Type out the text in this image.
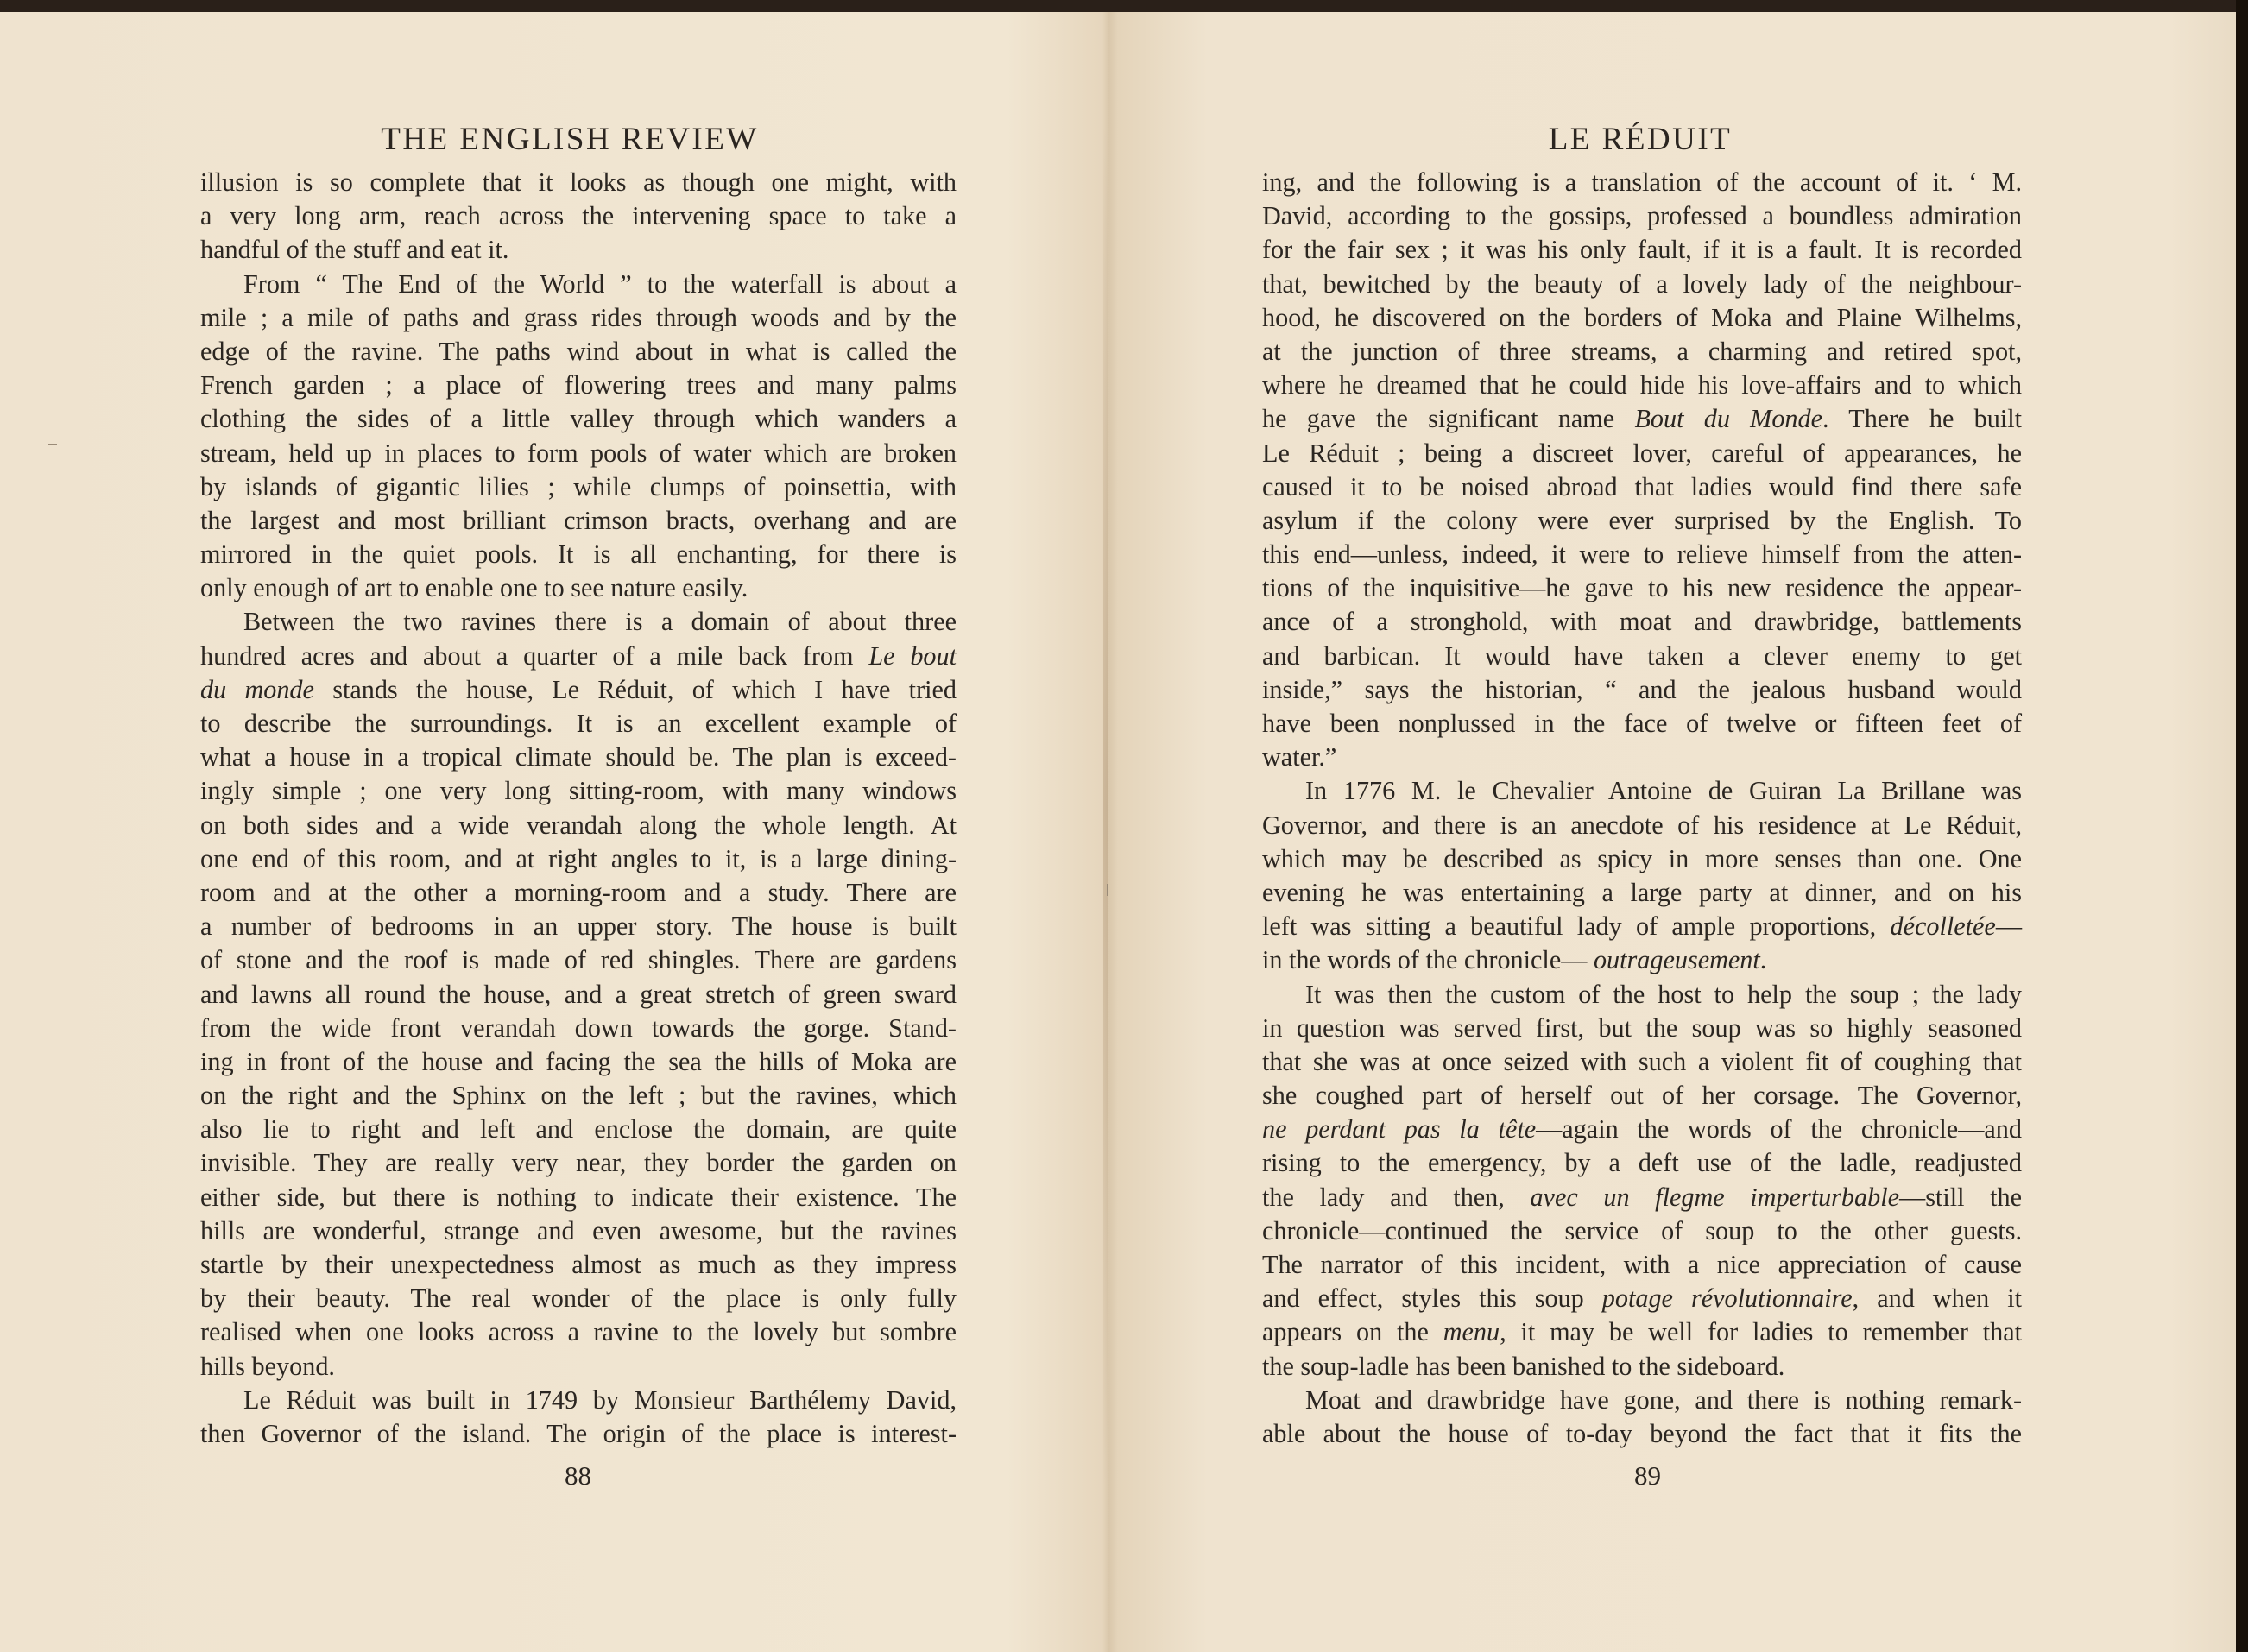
THE ENGLISH REVIEW
illusion is so complete that it looks as though one might, with
a very long arm, reach across the intervening space to take a
handful of the stuff and eat it.
From “ The End of the World ” to the waterfall is about a
mile ; a mile of paths and grass rides through woods and by the
edge of the ravine. The paths wind about in what is called the
French garden ; a place of flowering trees and many palms
clothing the sides of a little valley through which wanders a
stream, held up in places to form pools of water which are broken
by islands of gigantic lilies ; while clumps of poinsettia, with
the largest and most brilliant crimson bracts, overhang and are
mirrored in the quiet pools. It is all enchanting, for there is
only enough of art to enable one to see nature easily.
Between the two ravines there is a domain of about three
hundred acres and about a quarter of a mile back from Le bout
du monde stands the house, Le Réduit, of which I have tried
to describe the surroundings. It is an excellent example of
what a house in a tropical climate should be. The plan is exceed-
ingly simple ; one very long sitting-room, with many windows
on both sides and a wide verandah along the whole length. At
one end of this room, and at right angles to it, is a large dining-
room and at the other a morning-room and a study. There are
a number of bedrooms in an upper story. The house is built
of stone and the roof is made of red shingles. There are gardens
and lawns all round the house, and a great stretch of green sward
from the wide front verandah down towards the gorge. Stand-
ing in front of the house and facing the sea the hills of Moka are
on the right and the Sphinx on the left ; but the ravines, which
also lie to right and left and enclose the domain, are quite
invisible. They are really very near, they border the garden on
either side, but there is nothing to indicate their existence. The
hills are wonderful, strange and even awesome, but the ravines
startle by their unexpectedness almost as much as they impress
by their beauty. The real wonder of the place is only fully
realised when one looks across a ravine to the lovely but sombre
hills beyond.
Le Réduit was built in 1749 by Monsieur Barthélemy David,
then Governor of the island. The origin of the place is interest-
88
LE RÉDUIT
ing, and the following is a translation of the account of it. ‘ M.
David, according to the gossips, professed a boundless admiration
for the fair sex ; it was his only fault, if it is a fault. It is recorded
that, bewitched by the beauty of a lovely lady of the neighbour-
hood, he discovered on the borders of Moka and Plaine Wilhelms,
at the junction of three streams, a charming and retired spot,
where he dreamed that he could hide his love-affairs and to which
he gave the significant name Bout du Monde. There he built
Le Réduit ; being a discreet lover, careful of appearances, he
caused it to be noised abroad that ladies would find there safe
asylum if the colony were ever surprised by the English. To
this end—unless, indeed, it were to relieve himself from the atten-
tions of the inquisitive—he gave to his new residence the appear-
ance of a stronghold, with moat and drawbridge, battlements
and barbican. It would have taken a clever enemy to get
inside,” says the historian, “ and the jealous husband would
have been nonplussed in the face of twelve or fifteen feet of
water.”
In 1776 M. le Chevalier Antoine de Guiran La Brillane was
Governor, and there is an anecdote of his residence at Le Réduit,
which may be described as spicy in more senses than one. One
evening he was entertaining a large party at dinner, and on his
left was sitting a beautiful lady of ample proportions, décolletée—
in the words of the chronicle— outrageusement.
It was then the custom of the host to help the soup ; the lady
in question was served first, but the soup was so highly seasoned
that she was at once seized with such a violent fit of coughing that
she coughed part of herself out of her corsage. The Governor,
ne perdant pas la tête—again the words of the chronicle—and
rising to the emergency, by a deft use of the ladle, readjusted
the lady and then, avec un flegme imperturbable—still the
chronicle—continued the service of soup to the other guests.
The narrator of this incident, with a nice appreciation of cause
and effect, styles this soup potage révolutionnaire, and when it
appears on the menu, it may be well for ladies to remember that
the soup-ladle has been banished to the sideboard.
Moat and drawbridge have gone, and there is nothing remark-
able about the house of to-day beyond the fact that it fits the
89
